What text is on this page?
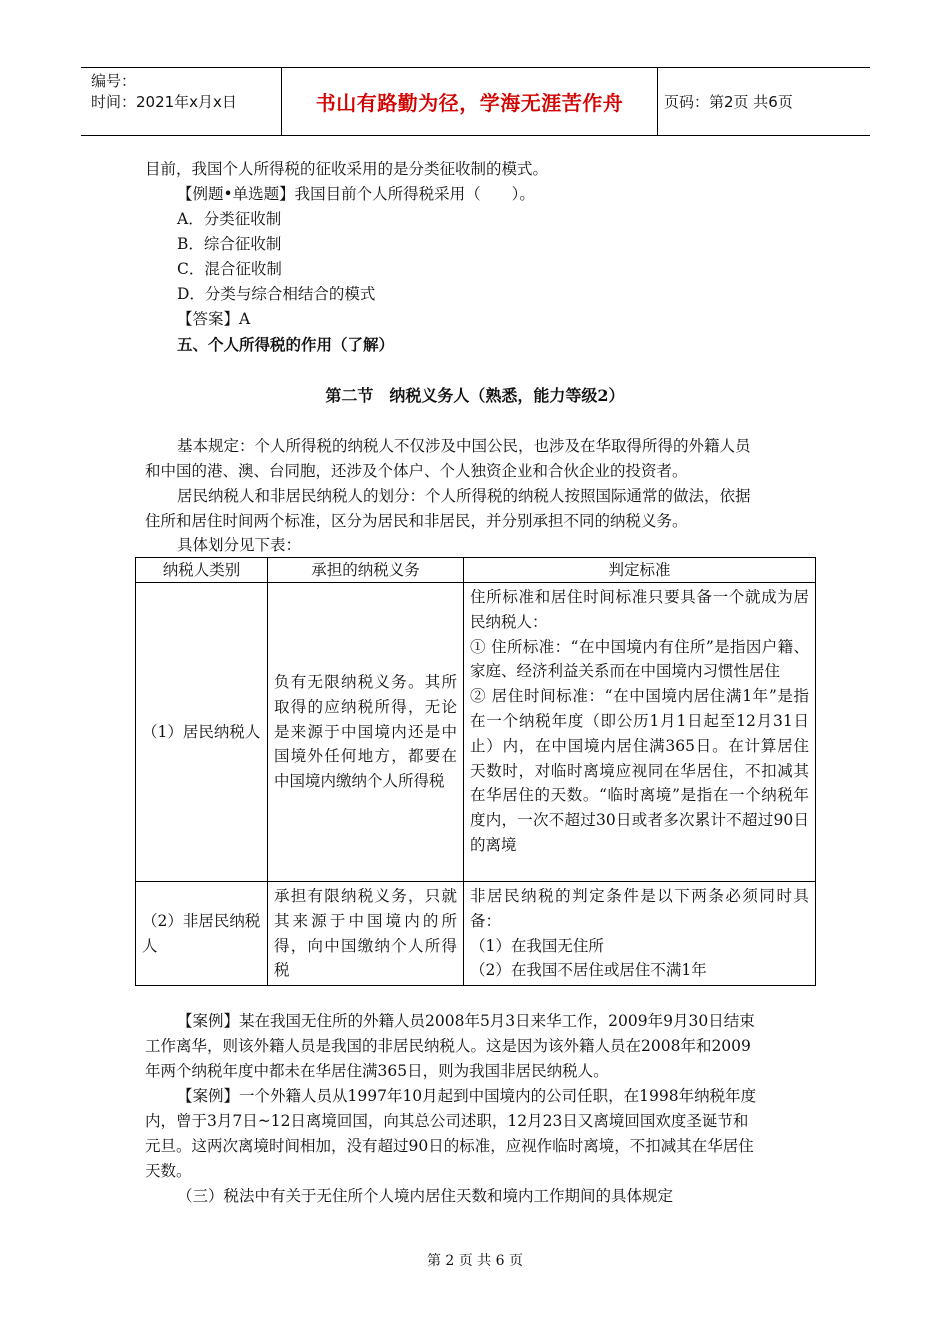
编号：
时间：2021年x月x日	书山有路勤为径，学海无涯苦作舟	页码：第2页 共6页
目前，我国个人所得税的征收采用的是分类征收制的模式。
【例题•单选题】我国目前个人所得税采用（　　）。
A．分类征收制
B．综合征收制
C．混合征收制
D．分类与综合相结合的模式
【答案】A
五、个人所得税的作用（了解）
第二节　纳税义务人（熟悉，能力等级2）
基本规定：个人所得税的纳税人不仅涉及中国公民，也涉及在华取得所得的外籍人员
和中国的港、澳、台同胞，还涉及个体户、个人独资企业和合伙企业的投资者。
居民纳税人和非居民纳税人的划分：个人所得税的纳税人按照国际通常的做法，依据
住所和居住时间两个标准，区分为居民和非居民，并分别承担不同的纳税义务。
具体划分见下表：
纳税人类别	承担的纳税义务	判定标准
（1）居民纳税人	负有无限纳税义务。其所取得的应纳税所得，无论是来源于中国境内还是中国境外任何地方，都要在中国境内缴纳个人所得税	住所标准和居住时间标准只要具备一个就成为居民纳税人：
① 住所标准：“在中国境内有住所”是指因户籍、家庭、经济利益关系而在中国境内习惯性居住
② 居住时间标准：“在中国境内居住满1年”是指在一个纳税年度（即公历1月1日起至12月31日止）内，在中国境内居住满365日。在计算居住天数时，对临时离境应视同在华居住，不扣减其在华居住的天数。“临时离境”是指在一个纳税年度内，一次不超过30日或者多次累计不超过90日的离境

（2）非居民纳税人	承担有限纳税义务，只就其来源于中国境内的所得，向中国缴纳个人所得税	非居民纳税的判定条件是以下两条必须同时具备：
（1）在我国无住所
（2）在我国不居住或居住不满1年
【案例】某在我国无住所的外籍人员2008年5月3日来华工作，2009年9月30日结束
工作离华，则该外籍人员是我国的非居民纳税人。这是因为该外籍人员在2008年和2009
年两个纳税年度中都未在华居住满365日，则为我国非居民纳税人。
【案例】一个外籍人员从1997年10月起到中国境内的公司任职，在1998年纳税年度
内，曾于3月7日~12日离境回国，向其总公司述职，12月23日又离境回国欢度圣诞节和
元旦。这两次离境时间相加，没有超过90日的标准，应视作临时离境，不扣减其在华居住
天数。
（三）税法中有关于无住所个人境内居住天数和境内工作期间的具体规定
第 2 页 共 6 页
